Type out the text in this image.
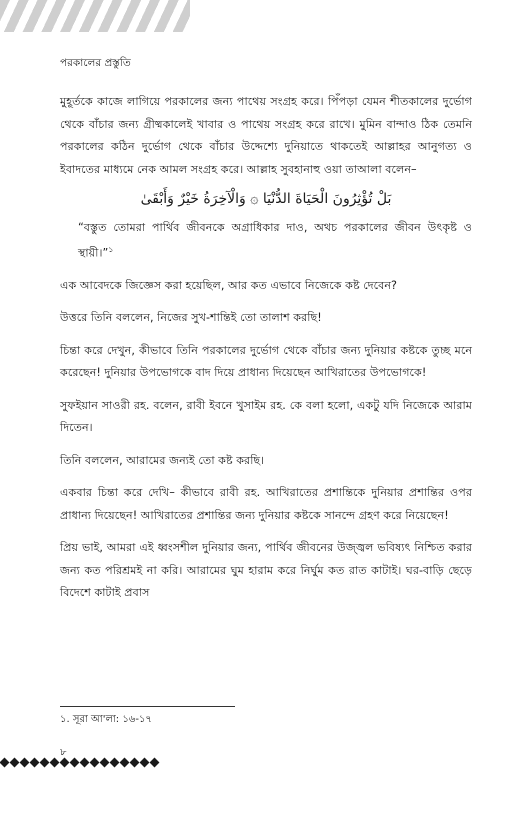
পরকালের প্রস্তুতি

মুহূর্তকে কাজে লাগিয়ে পরকালের জন্য পাথেয় সংগ্রহ করে। পিঁপড়া যেমন শীতকালের দুর্ভোগ থেকে বাঁচার জন্য গ্রীষ্মকালেই খাবার ও পাথেয় সংগ্রহ করে রাখে। মুমিন বান্দাও ঠিক তেমনি পরকালের কঠিন দুর্ভোগ থেকে বাঁচার উদ্দেশ্যে দুনিয়াতে থাকতেই আল্লাহর আনুগত্য ও ইবাদতের মাধ্যমে নেক আমল সংগ্রহ করে। আল্লাহ সুবহানাহু ওয়া তাআলা বলেন–

بَلْ تُؤْثِرُونَ الْحَيَاةَ الدُّنْيَا ۞ وَالْآخِرَةُ خَيْرٌ وَأَبْقَىٰ
“বস্তুত তোমরা পার্থিব জীবনকে অগ্রাধিকার দাও, অথচ পরকালের জীবন উৎকৃষ্ট ও স্থায়ী।”$^১$

এক আবেদকে জিজ্ঞেস করা হয়েছিল, আর কত এভাবে নিজেকে কষ্ট দেবেন?

উত্তরে তিনি বললেন, নিজের সুখ-শান্তিই তো তালাশ করছি!

চিন্তা করে দেখুন, কীভাবে তিনি পরকালের দুর্ভোগ থেকে বাঁচার জন্য দুনিয়ার কষ্টকে তুচ্ছ মনে করেছেন! দুনিয়ার উপভোগকে বাদ দিয়ে প্রাধান্য দিয়েছেন আখিরাতের উপভোগকে!

সুফইয়ান সাওরী রহ. বলেন, রাবী ইবনে খুসাইম রহ. কে বলা হলো, একটু যদি নিজেকে আরাম দিতেন।

তিনি বললেন, আরামের জন্যই তো কষ্ট করছি।

একবার চিন্তা করে দেখি– কীভাবে রাবী রহ. আখিরাতের প্রশান্তিকে দুনিয়ার প্রশান্তির ওপর প্রাধান্য দিয়েছেন! আখিরাতের প্রশান্তির জন্য দুনিয়ার কষ্টকে সানন্দে গ্রহণ করে নিয়েছেন!

প্রিয় ভাই, আমরা এই ধ্বংসশীল দুনিয়ার জন্য, পার্থিব জীবনের উজ্জ্বল ভবিষ্যৎ নিশ্চিত করার জন্য কত পরিশ্রমই না করি। আরামের ঘুম হারাম করে নির্ঘুম কত রাত কাটাই। ঘর-বাড়ি ছেড়ে বিদেশে কাটাই প্রবাস

১. সূরা আ'লা: ১৬-১৭
৮
